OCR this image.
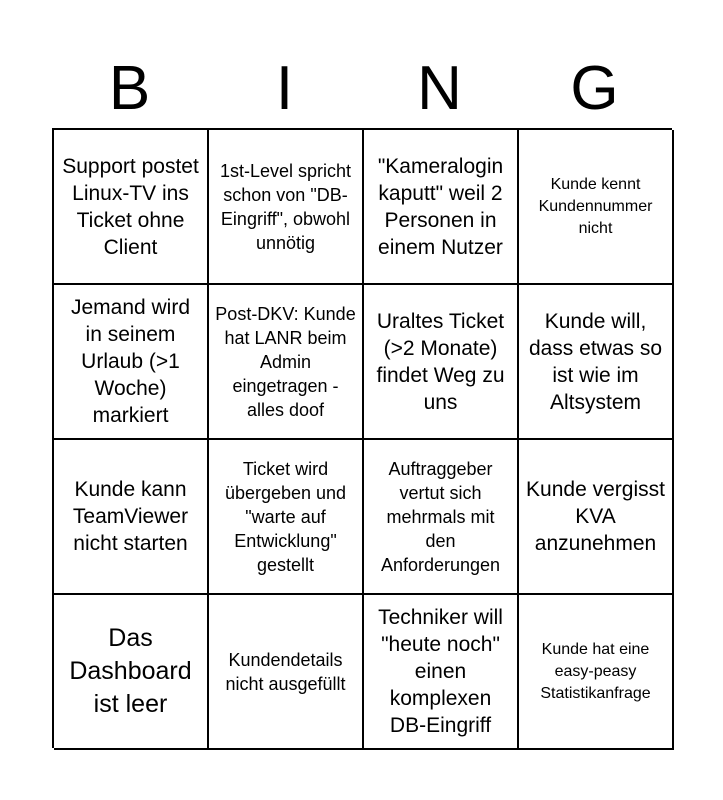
B	I	N	G
Support postet Linux-TV ins Ticket ohne Client
1st-Level spricht schon von "DB-Eingriff", obwohl unnötig
"Kameralogin kaputt" weil 2 Personen in einem Nutzer
Kunde kennt Kundennummer nicht
Jemand wird in seinem Urlaub (>1 Woche) markiert
Post-DKV: Kunde hat LANR beim Admin eingetragen - alles doof
Uraltes Ticket (>2 Monate) findet Weg zu uns
Kunde will, dass etwas so ist wie im Altsystem
Kunde kann TeamViewer nicht starten
Ticket wird übergeben und "warte auf Entwicklung" gestellt
Auftraggeber vertut sich mehrmals mit den Anforderungen
Kunde vergisst KVA anzunehmen
Das Dashboard ist leer
Kundendetails nicht ausgefüllt
Techniker will "heute noch" einen komplexen DB-Eingriff
Kunde hat eine easy-peasy Statistikanfrage
